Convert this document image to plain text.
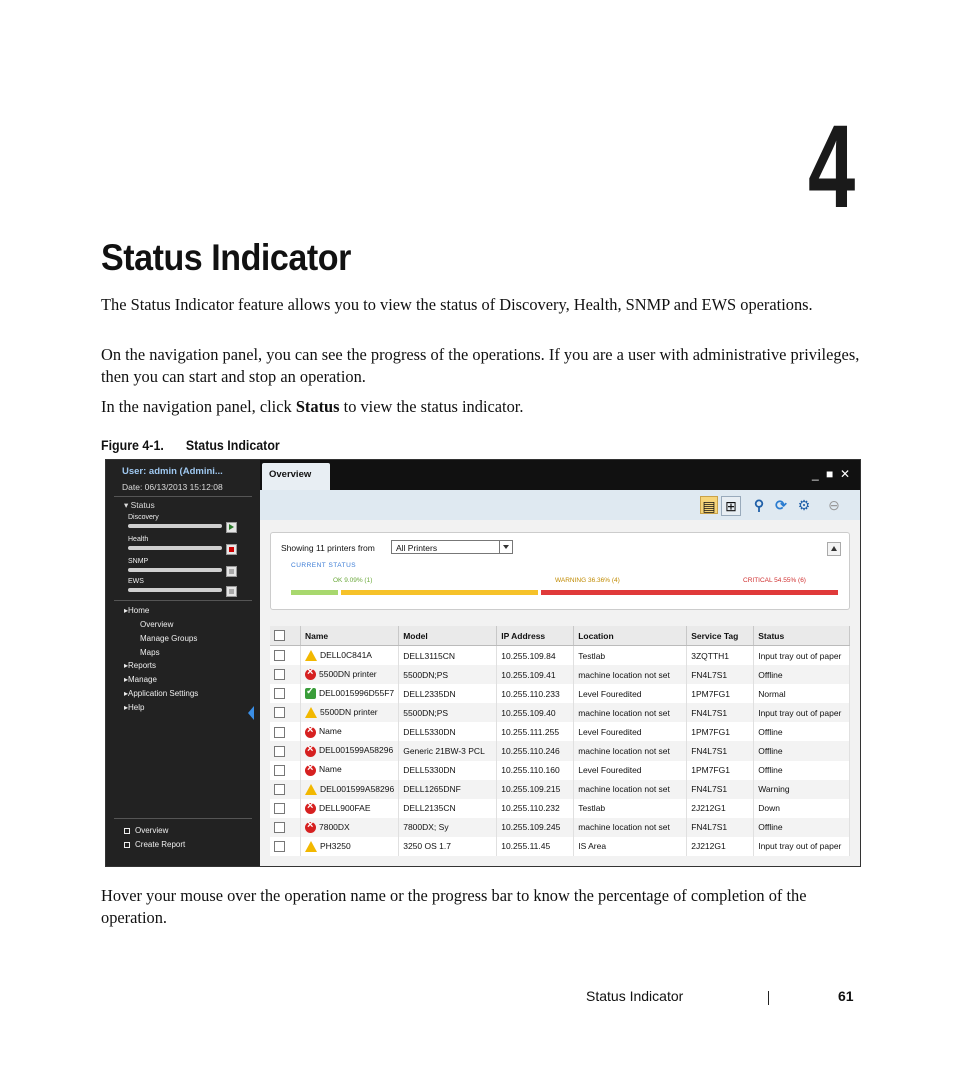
4
Status Indicator

The Status Indicator feature allows you to view the status of Discovery, Health, SNMP and EWS operations.

On the navigation panel, you can see the progress of the operations. If you are a user with administrative privileges, then you can start and stop an operation.

In the navigation panel, click Status to view the status indicator.

Figure 4-1. Status Indicator
User: admin (Admini...
Date: 06/13/2013 15:12:08
▾ Status
Discovery
Health
SNMP
EWS
▸Home
Overview
Manage Groups
Maps
▸Reports
▸Manage
▸Application Settings
▸Help
Overview
Create Report
Overview	_ ■ ✕
▤ ⊞ ⚲ ⟳ ⚙ ⊖
Showing 11 printers from	All Printers
CURRENT STATUS
OK 9.09% (1)	WARNING 36.36% (4)	CRITICAL 54.55% (6)
	Name	Model	IP Address	Location	Service Tag	Status
	DELL0C841A	DELL3115CN	10.255.109.84	Testlab	3ZQTTH1	Input tray out of paper
	×5500DN printer	5500DN;PS	10.255.109.41	machine location not set	FN4L7S1	Offline
	✓DEL0015996D55F7	DELL2335DN	10.255.110.233	Level Fouredited	1PM7FG1	Normal
	5500DN printer	5500DN;PS	10.255.109.40	machine location not set	FN4L7S1	Input tray out of paper
	×Name	DELL5330DN	10.255.111.255	Level Fouredited	1PM7FG1	Offline
	×DEL001599A58296	Generic 21BW-3 PCL	10.255.110.246	machine location not set	FN4L7S1	Offline
	×Name	DELL5330DN	10.255.110.160	Level Fouredited	1PM7FG1	Offline
	DEL001599A58296	DELL1265DNF	10.255.109.215	machine location not set	FN4L7S1	Warning
	×DELL900FAE	DELL2135CN	10.255.110.232	Testlab	2J212G1	Down
	×7800DX	7800DX; Sy	10.255.109.245	machine location not set	FN4L7S1	Offline
	PH3250	3250 OS 1.7	10.255.11.45	IS Area	2J212G1	Input tray out of paper

Hover your mouse over the operation name or the progress bar to know the percentage of completion of the operation.

Status Indicator	61
